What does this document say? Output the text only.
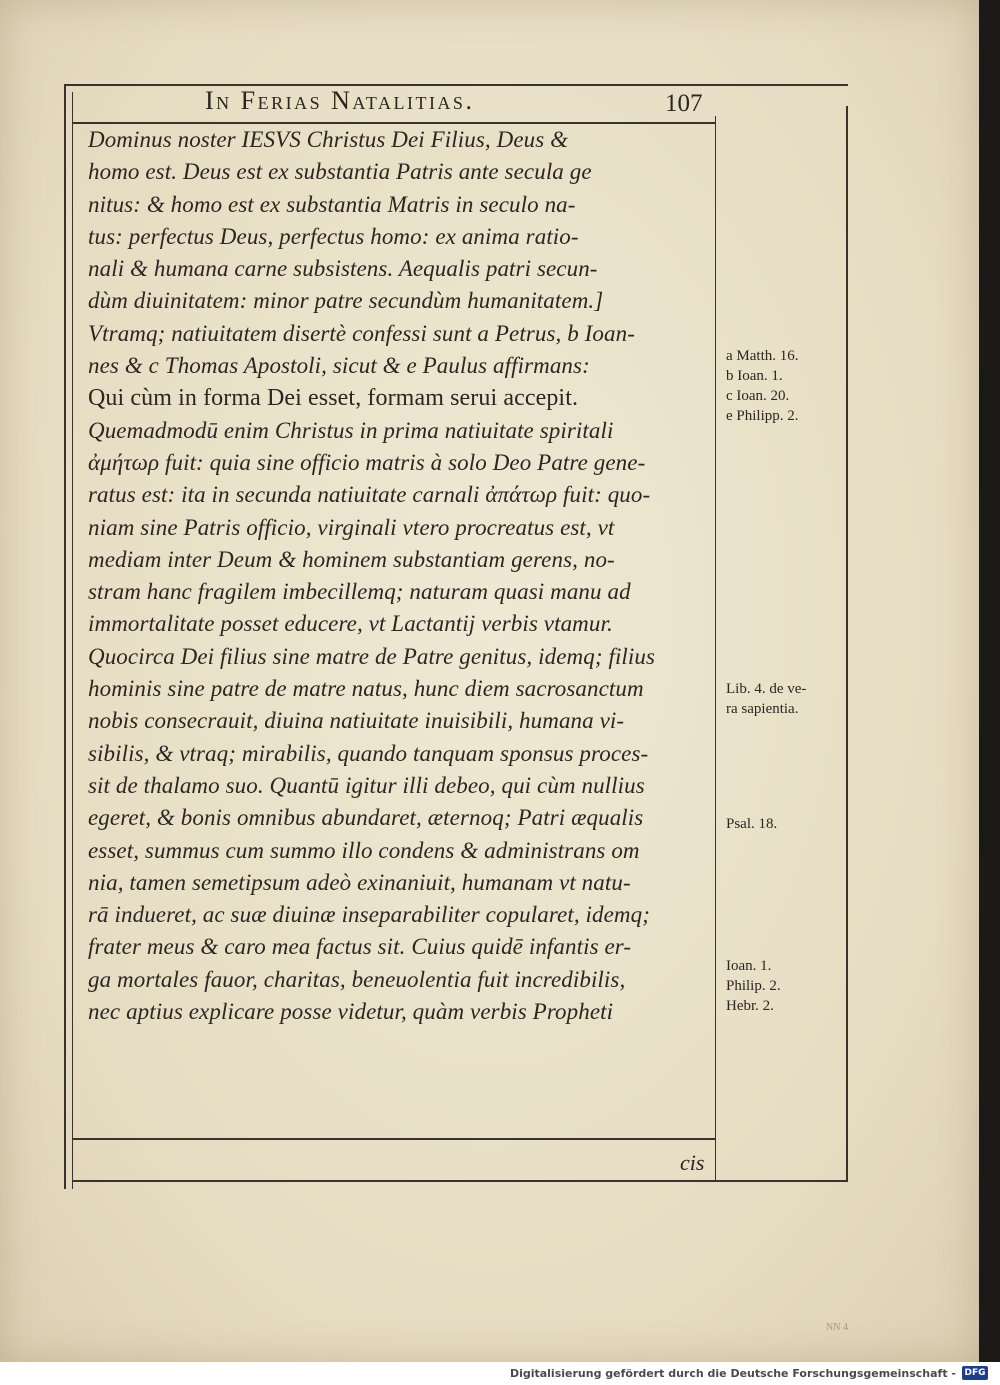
In Ferias Natalitias.	107
Dominus noster IESVS Christus Dei Filius, Deus &
homo est. Deus est ex substantia Patris ante secula ge
nitus: & homo est ex substantia Matris in seculo na-
tus: perfectus Deus, perfectus homo: ex anima ratio-
nali & humana carne subsistens. Aequalis patri secun-
dùm diuinitatem: minor patre secundùm humanitatem.]
Vtramq; natiuitatem disertè confessi sunt a Petrus, b Ioan-
nes & c Thomas Apostoli, sicut & e Paulus affirmans:
Qui cùm in forma Dei esset, formam serui accepit.
Quemadmodū enim Christus in prima natiuitate spiritali
ἀμήτωρ fuit: quia sine officio matris à solo Deo Patre gene-
ratus est: ita in secunda natiuitate carnali ἀπάτωρ fuit: quo-
niam sine Patris officio, virginali vtero procreatus est, vt
mediam inter Deum & hominem substantiam gerens, no-
stram hanc fragilem imbecillemq; naturam quasi manu ad
immortalitate posset educere, vt Lactantij verbis vtamur.
Quocirca Dei filius sine matre de Patre genitus, idemq; filius
hominis sine patre de matre natus, hunc diem sacrosanctum
nobis consecrauit, diuina natiuitate inuisibili, humana vi-
sibilis, & vtraq; mirabilis, quando tanquam sponsus proces-
sit de thalamo suo. Quantū igitur illi debeo, qui cùm nullius
egeret, & bonis omnibus abundaret, æternoq; Patri æqualis
esset, summus cum summo illo condens & administrans om
nia, tamen semetipsum adeò exinaniuit, humanam vt natu-
rā indueret, ac suæ diuinæ inseparabiliter copularet, idemq;
frater meus & caro mea factus sit. Cuius quidē infantis er-
ga mortales fauor, charitas, beneuolentia fuit incredibilis,
nec aptius explicare posse videtur, quàm verbis Propheti
cis
a Matth. 16.
b Ioan. 1.
c Ioan. 20.
e Philipp. 2.
Lib. 4. de ve-
ra sapientia.
Psal. 18.
Ioan. 1.
Philip. 2.
Hebr. 2.
NN 4
Digitalisierung gefördert durch die Deutsche Forschungsgemeinschaft - DFG
